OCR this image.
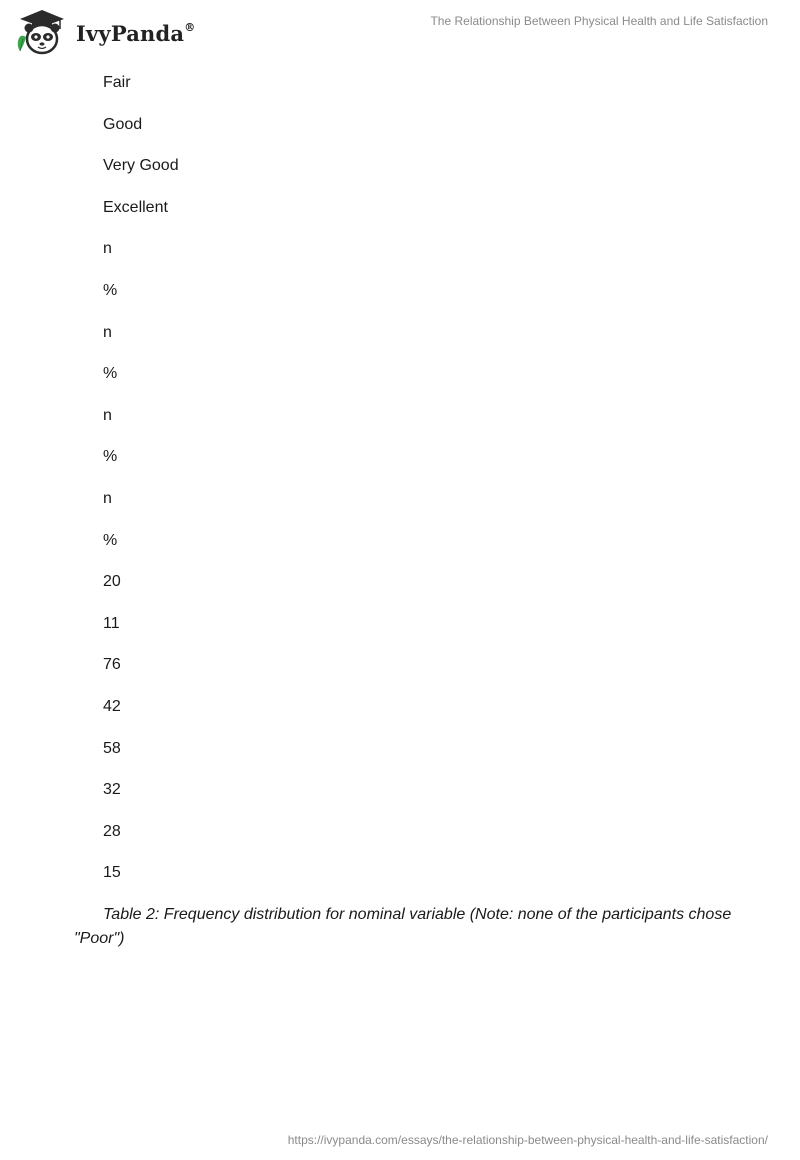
IvyPanda®	The Relationship Between Physical Health and Life Satisfaction
Fair
Good
Very Good
Excellent
n
%
n
%
n
%
n
%
20
11
76
42
58
32
28
15
Table 2: Frequency distribution for nominal variable (Note: none of the participants chose "Poor")
https://ivypanda.com/essays/the-relationship-between-physical-health-and-life-satisfaction/
